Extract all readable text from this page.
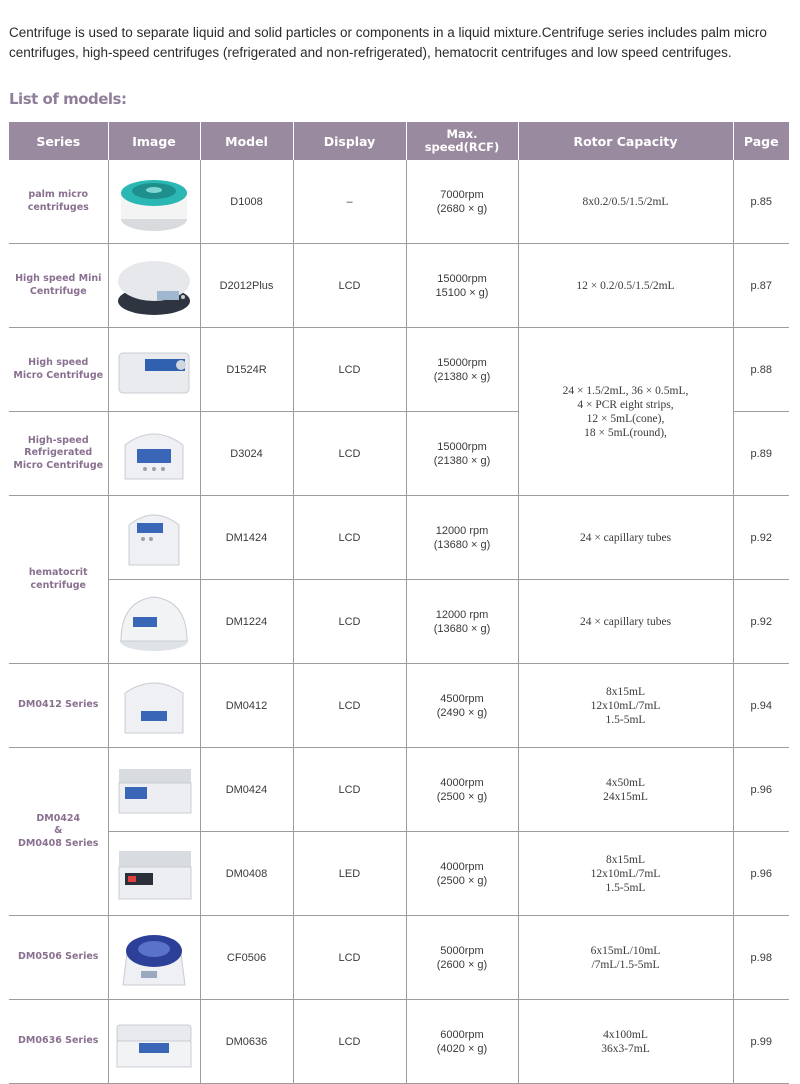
Centrifuge is used to separate liquid and solid particles or components in a liquid mixture.Centrifuge series includes palm micro centrifuges, high-speed centrifuges (refrigerated and non-refrigerated), hematocrit centrifuges and low speed centrifuges.
List of models:
Series	Image	Model	Display	Max.
speed(RCF)	Rotor Capacity	Page
palm micro centrifuges		D1008	–	7000rpm
(2680 × g)	8x0.2/0.5/1.5/2mL	p.85
High speed Mini Centrifuge		D2012Plus	LCD	15000rpm
15100 × g)	12 × 0.2/0.5/1.5/2mL	p.87
High speed Micro Centrifuge		D1524R	LCD	15000rpm
(21380 × g)	24 × 1.5/2mL, 36 × 0.5mL,
4 × PCR eight strips,
12 × 5mL(cone),
18 × 5mL(round),	p.88
High-speed Refrigerated Micro Centrifuge		D3024	LCD	15000rpm
(21380 × g)		p.89
hematocrit centrifuge		DM1424	LCD	12000 rpm
(13680 × g)	24 × capillary tubes	p.92

	DM1224	LCD	12000 rpm
(13680 × g)	24 × capillary tubes	p.92
DM0412 Series		DM0412	LCD	4500rpm
(2490 × g)	8x15mL
12x10mL/7mL
1.5-5mL	p.94
DM0424
&
DM0408 Series		DM0424	LCD	4000rpm
(2500 × g)	4x50mL
24x15mL	p.96

	DM0408	LED	4000rpm
(2500 × g)	8x15mL
12x10mL/7mL
1.5-5mL	p.96
DM0506 Series		CF0506	LCD	5000rpm
(2600 × g)	6x15mL/10mL
/7mL/1.5-5mL	p.98
DM0636 Series		DM0636	LCD	6000rpm
(4020 × g)	4x100mL
36x3-7mL	p.99
